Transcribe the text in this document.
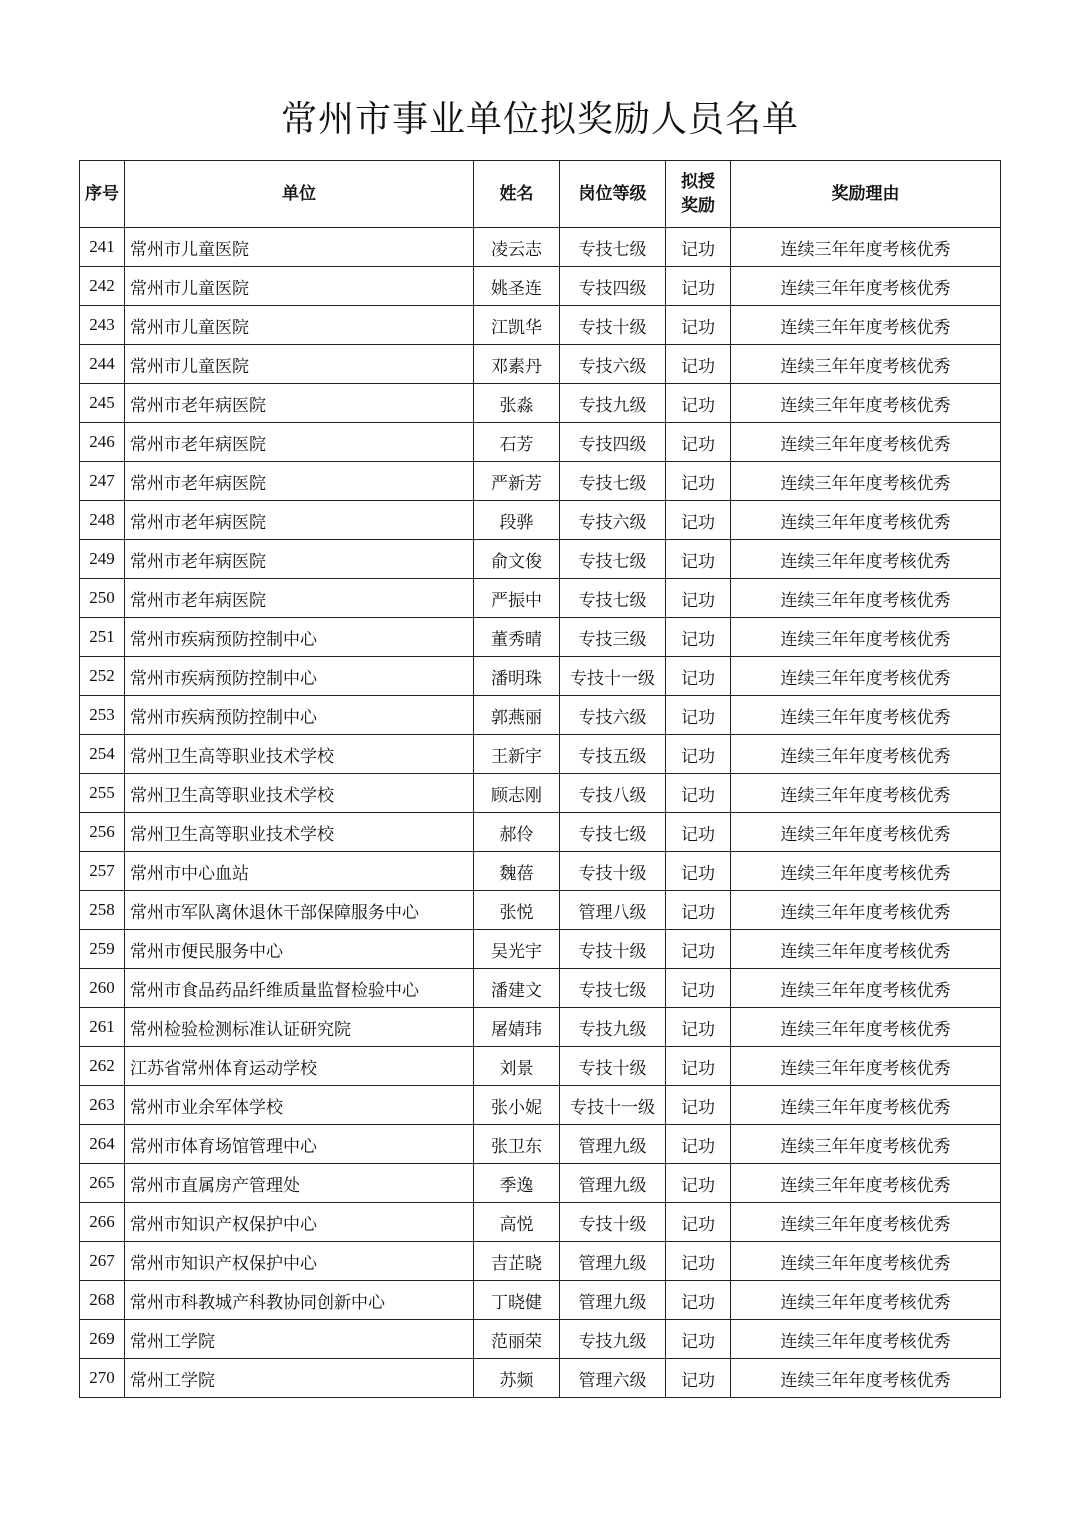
常州市事业单位拟奖励人员名单
序号	单位	姓名	岗位等级	拟授
奖励	奖励理由
241	常州市儿童医院	凌云志	专技七级	记功	连续三年年度考核优秀
242	常州市儿童医院	姚圣连	专技四级	记功	连续三年年度考核优秀
243	常州市儿童医院	江凯华	专技十级	记功	连续三年年度考核优秀
244	常州市儿童医院	邓素丹	专技六级	记功	连续三年年度考核优秀
245	常州市老年病医院	张淼	专技九级	记功	连续三年年度考核优秀
246	常州市老年病医院	石芳	专技四级	记功	连续三年年度考核优秀
247	常州市老年病医院	严新芳	专技七级	记功	连续三年年度考核优秀
248	常州市老年病医院	段骅	专技六级	记功	连续三年年度考核优秀
249	常州市老年病医院	俞文俊	专技七级	记功	连续三年年度考核优秀
250	常州市老年病医院	严振中	专技七级	记功	连续三年年度考核优秀
251	常州市疾病预防控制中心	董秀晴	专技三级	记功	连续三年年度考核优秀
252	常州市疾病预防控制中心	潘明珠	专技十一级	记功	连续三年年度考核优秀
253	常州市疾病预防控制中心	郭燕丽	专技六级	记功	连续三年年度考核优秀
254	常州卫生高等职业技术学校	王新宇	专技五级	记功	连续三年年度考核优秀
255	常州卫生高等职业技术学校	顾志刚	专技八级	记功	连续三年年度考核优秀
256	常州卫生高等职业技术学校	郝伶	专技七级	记功	连续三年年度考核优秀
257	常州市中心血站	魏蓓	专技十级	记功	连续三年年度考核优秀
258	常州市军队离休退休干部保障服务中心	张悦	管理八级	记功	连续三年年度考核优秀
259	常州市便民服务中心	吴光宇	专技十级	记功	连续三年年度考核优秀
260	常州市食品药品纤维质量监督检验中心	潘建文	专技七级	记功	连续三年年度考核优秀
261	常州检验检测标准认证研究院	屠婧玮	专技九级	记功	连续三年年度考核优秀
262	江苏省常州体育运动学校	刘景	专技十级	记功	连续三年年度考核优秀
263	常州市业余军体学校	张小妮	专技十一级	记功	连续三年年度考核优秀
264	常州市体育场馆管理中心	张卫东	管理九级	记功	连续三年年度考核优秀
265	常州市直属房产管理处	季逸	管理九级	记功	连续三年年度考核优秀
266	常州市知识产权保护中心	高悦	专技十级	记功	连续三年年度考核优秀
267	常州市知识产权保护中心	吉芷晓	管理九级	记功	连续三年年度考核优秀
268	常州市科教城产科教协同创新中心	丁晓健	管理九级	记功	连续三年年度考核优秀
269	常州工学院	范丽荣	专技九级	记功	连续三年年度考核优秀
270	常州工学院	苏频	管理六级	记功	连续三年年度考核优秀
